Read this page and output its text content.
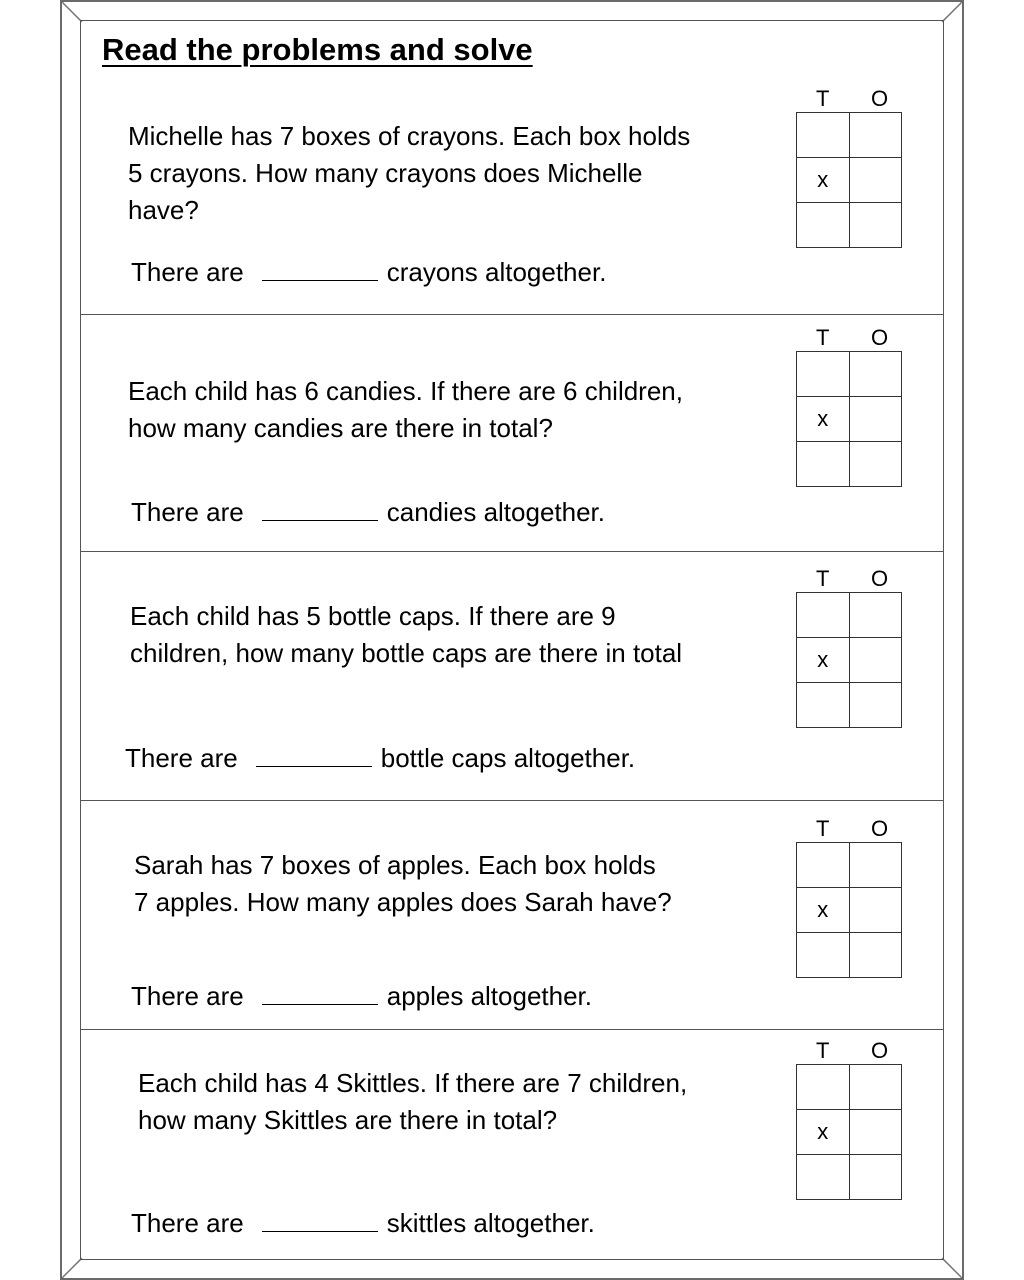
Read the problems and solve
Michelle has 7 boxes of crayons. Each box holds
5 crayons. How many crayons does Michelle
have?
There are	crayons altogether.
T O

x	

Each child has 6 candies. If there are 6 children,
how many candies are there in total?
There are	candies altogether.
T O

x	

Each child has 5 bottle caps. If there are 9
children, how many bottle caps are there in total
There are	bottle caps altogether.
T O

x	

Sarah has 7 boxes of apples. Each box holds
7 apples. How many apples does Sarah have?
There are	apples altogether.
T O

x	

Each child has 4 Skittles. If there are 7 children,
how many Skittles are there in total?
There are	skittles altogether.
T O

x	
